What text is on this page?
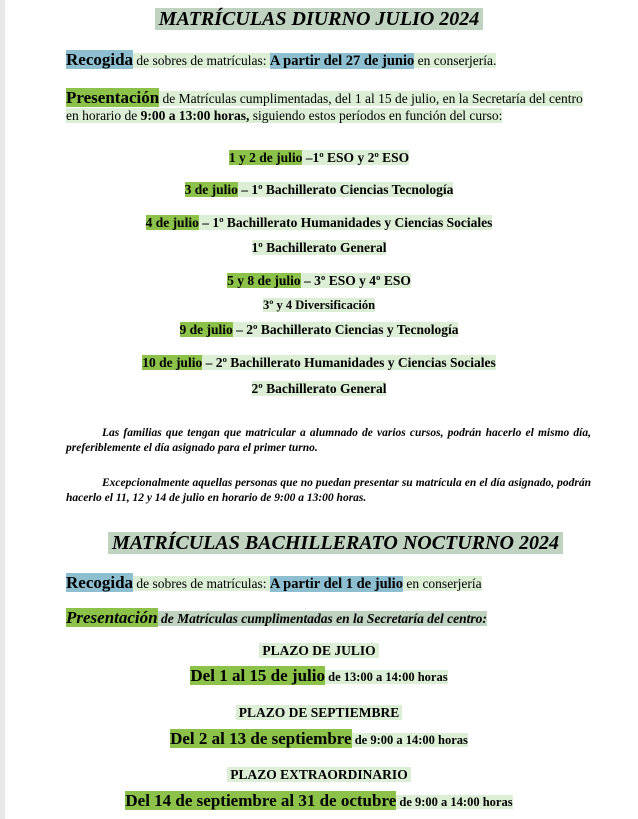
MATRÍCULAS DIURNO JULIO 2024
Recogida de sobres de matrículas: A partir del 27 de junio en conserjería.
Presentación de Matrículas cumplimentadas, del 1 al 15 de julio, en la Secretaría del centro en horario de 9:00 a 13:00 horas, siguiendo estos períodos en función del curso:
1 y 2 de julio –1º ESO y 2º ESO
3 de julio – 1º Bachillerato Ciencias Tecnología
4 de julio – 1º Bachillerato Humanidades y Ciencias Sociales
1º Bachillerato General
5 y 8 de julio – 3º ESO y 4º ESO
3º y 4 Diversificación
9 de julio – 2º Bachillerato Ciencias y Tecnología
10 de julio – 2º Bachillerato Humanidades y Ciencias Sociales
2º Bachillerato General
Las familias que tengan que matricular a alumnado de varios cursos, podrán hacerlo el mismo día, preferiblemente el día asignado para el primer turno.
Excepcionalmente aquellas personas que no puedan presentar su matrícula en el día asignado, podrán hacerlo el 11, 12 y 14 de julio en horario de 9:00 a 13:00 horas.
MATRÍCULAS BACHILLERATO NOCTURNO 2024
Recogida de sobres de matrículas: A partir del 1 de julio en conserjería
Presentación de Matrículas cumplimentadas en la Secretaría del centro:
PLAZO DE JULIO
Del 1 al 15 de julio de 13:00 a 14:00 horas
PLAZO DE SEPTIEMBRE
Del 2 al 13 de septiembre de 9:00 a 14:00 horas
PLAZO EXTRAORDINARIO
Del 14 de septiembre al 31 de octubre de 9:00 a 14:00 horas
